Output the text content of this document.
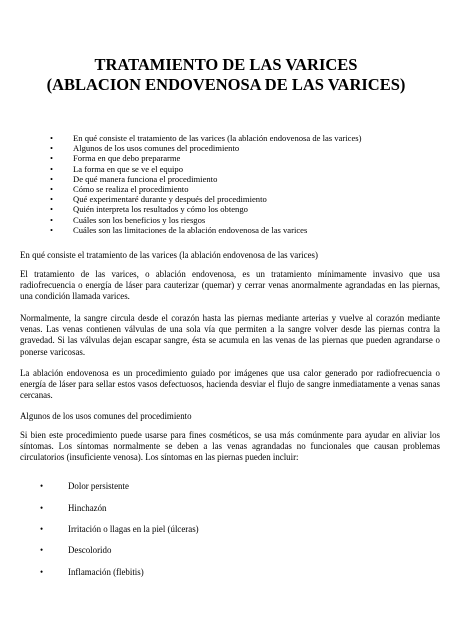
TRATAMIENTO DE LAS VARICES
(ABLACION ENDOVENOSA DE LAS VARICES)
• En qué consiste el tratamiento de las varices (la ablación endovenosa de las varices)
• Algunos de los usos comunes del procedimiento
• Forma en que debo prepararme
• La forma en que se ve el equipo
• De qué manera funciona el procedimiento
• Cómo se realiza el procedimiento
• Qué experimentaré durante y después del procedimiento
• Quién interpreta los resultados y cómo los obtengo
• Cuáles son los beneficios y los riesgos
• Cuáles son las limitaciones de la ablación endovenosa de las varices

En qué consiste el tratamiento de las varices (la ablación endovenosa de las varices)

El tratamiento de las varices, o ablación endovenosa, es un tratamiento mínimamente invasivo que usa radiofrecuencia o energía de láser para cauterizar (quemar) y cerrar venas anormalmente agrandadas en las piernas, una condición llamada varices.

Normalmente, la sangre circula desde el corazón hasta las piernas mediante arterias y vuelve al corazón mediante venas. Las venas contienen válvulas de una sola vía que permiten a la sangre volver desde las piernas contra la gravedad. Si las válvulas dejan escapar sangre, ésta se acumula en las venas de las piernas que pueden agrandarse o ponerse varicosas.

La ablación endovenosa es un procedimiento guiado por imágenes que usa calor generado por radiofrecuencia o energía de láser para sellar estos vasos defectuosos, hacienda desviar el flujo de sangre inmediatamente a venas sanas cercanas.

Algunos de los usos comunes del procedimiento

Si bien este procedimiento puede usarse para fines cosméticos, se usa más comúnmente para ayudar en aliviar los síntomas. Los síntomas normalmente se deben a las venas agrandadas no funcionales que causan problemas circulatorios (insuficiente venosa). Los síntomas en las piernas pueden incluir:

• Dolor persistente
• Hinchazón
• Irritación o llagas en la piel (úlceras)
• Descolorido
• Inflamación (flebitis)
